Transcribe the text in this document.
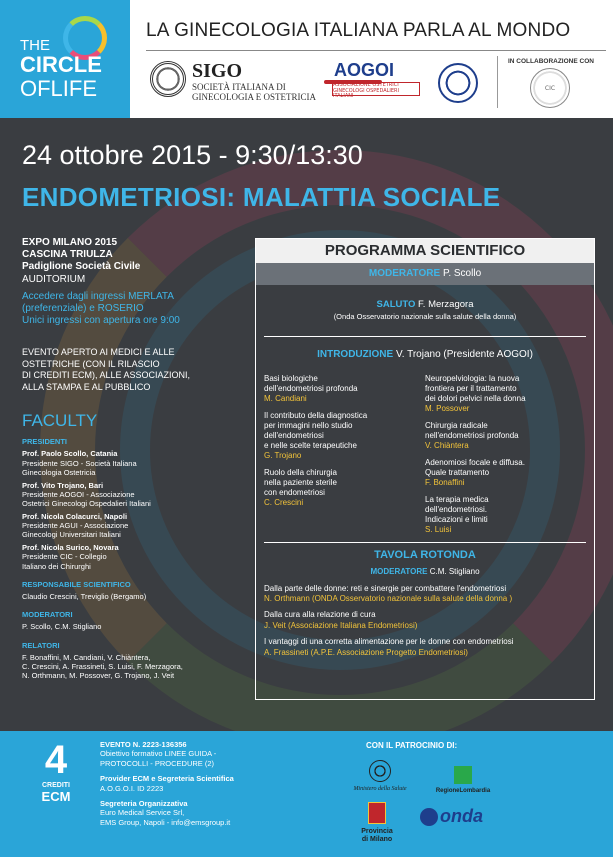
THE
CIRCLE
OFLIFE
LA GINECOLOGIA ITALIANA PARLA AL MONDO
SIGO
SOCIETÀ ITALIANA DI GINECOLOGIA E OSTETRICIA
AOGOI
ASSOCIAZIONE OSTETRICI GINECOLOGI OSPEDALIERI ITALIANI
IN COLLABORAZIONE CON
CIC
24 ottobre 2015 - 9:30/13:30
ENDOMETRIOSI: MALATTIA SOCIALE
EXPO MILANO 2015
CASCINA TRIULZA
Padiglione Società Civile
AUDITORIUM
Accedere dagli ingressi MERLATA
(preferenziale) e ROSERIO
Unici ingressi con apertura ore 9:00
EVENTO APERTO AI MEDICI E ALLE
OSTETRICHE (CON IL RILASCIO
DI CREDITI ECM), ALLE ASSOCIAZIONI,
ALLA STAMPA E AL PUBBLICO
FACULTY
PRESIDENTI
Prof. Paolo Scollo, Catania
Presidente SIGO - Società Italiana
Ginecologia Ostetricia
Prof. Vito Trojano, Bari
Presidente AOGOI - Associazione
Ostetrici Ginecologi Ospedalieri Italiani
Prof. Nicola Colacurci, Napoli
Presidente AGUI - Associazione
Ginecologi Universitari Italiani
Prof. Nicola Surico, Novara
Presidente CIC - Collegio
Italiano dei Chirurghi
RESPONSABILE SCIENTIFICO
Claudio Crescini, Treviglio (Bergamo)
MODERATORI
P. Scollo, C.M. Stigliano
RELATORI
F. Bonaffini, M. Candiani, V. Chiàntera,
C. Crescini, A. Frassineti, S. Luisi, F. Merzagora,
N. Orthmann, M. Possover, G. Trojano, J. Veit
PROGRAMMA SCIENTIFICO
MODERATORE P. Scollo
SALUTO F. Merzagora
(Onda Osservatorio nazionale sulla salute della donna)
INTRODUZIONE V. Trojano (Presidente AOGOI)
Basi biologiche
dell'endometriosi profonda
M. Candiani
Il contributo della diagnostica
per immagini nello studio
dell'endometriosi
e nelle scelte terapeutiche
G. Trojano
Ruolo della chirurgia
nella paziente sterile
con endometriosi
C. Crescini
Neuropelviologia: la nuova
frontiera per il trattamento
dei dolori pelvici nella donna
M. Possover
Chirurgia radicale
nell'endometriosi profonda
V. Chiàntera
Adenomiosi focale e diffusa.
Quale trattamento
F. Bonaffini
La terapia medica
dell'endometriosi.
Indicazioni e limiti
S. Luisi
TAVOLA ROTONDA
MODERATORE C.M. Stigliano
Dalla parte delle donne: reti e sinergie per combattere l'endometriosi
N. Orthmann (ONDA Osservatorio nazionale sulla salute della donna )
Dalla cura alla relazione di cura
J. Veit (Associazione Italiana Endometriosi)
I vantaggi di una corretta alimentazione per le donne con endometriosi
A. Frassineti (A.P.E. Associazione Progetto Endometriosi)
4
CREDITI
ECM
EVENTO N. 2223-136356
Obiettivo formativo LINEE GUIDA -
PROTOCOLLI - PROCEDURE (2)
Provider ECM e Segreteria Scientifica
A.O.G.O.I. ID 2223
Segreteria Organizzativa
Euro Medical Service Srl,
EMS Group, Napoli - info@emsgroup.it
CON IL PATROCINIO DI:
Ministero della Salute	RegioneLombardia
Provincia
di Milano
onda
